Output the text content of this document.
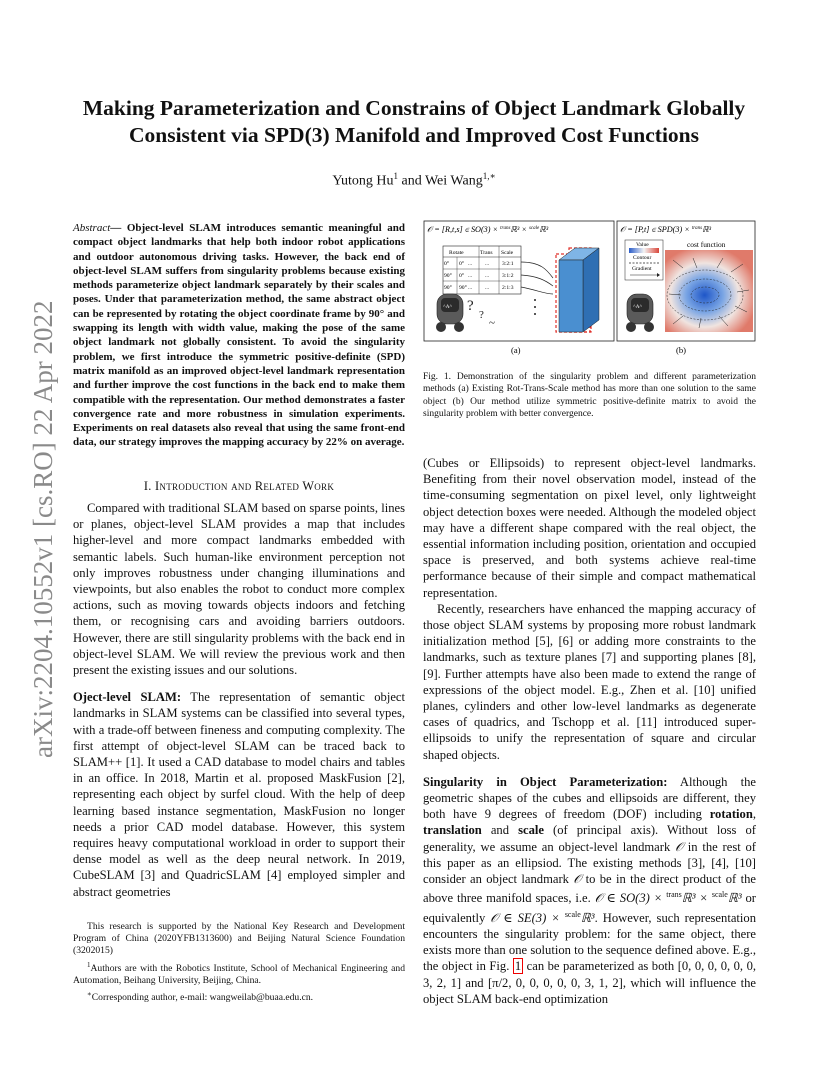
arXiv:2204.10552v1 [cs.RO] 22 Apr 2022
Making Parameterization and Constrains of Object Landmark Globally
Consistent via SPD(3) Manifold and Improved Cost Functions
Yutong Hu$^1$ and Wei Wang$^{1,∗}$

Abstract— Object-level SLAM introduces semantic meaningful and compact object landmarks that help both indoor robot applications and outdoor autonomous driving tasks. However, the back end of object-level SLAM suffers from singularity problems because existing methods parameterize object landmark separately by their scales and poses. Under that parameterization method, the same abstract object can be represented by rotating the object coordinate frame by 90° and swapping its length with width value, making the pose of the same object landmark not globally consistent. To avoid the singularity problem, we first introduce the symmetric positive-definite (SPD) matrix manifold as an improved object-level landmark representation and further improve the cost functions in the back end to make them compatible with the representation. Our method demonstrates a faster convergence rate and more robustness in simulation experiments. Experiments on real datasets also reveal that using the same front-end data, our strategy improves the mapping accuracy by 22% on average.

I. Introduction and Related Work

Compared with traditional SLAM based on sparse points, lines or planes, object-level SLAM provides a map that includes higher-level and more compact landmarks embedded with semantic labels. Such human-like environment perception not only improves robustness under changing illuminations and viewpoints, but also enables the robot to conduct more complex actions, such as moving towards objects indoors and fetching them, or recognising cars and avoiding barriers outdoors. However, there are still singularity problems with the back end in object-level SLAM. We will review the previous work and then present the existing issues and our solutions.

Oject-level SLAM: The representation of semantic object landmarks in SLAM systems can be classified into several types, with a trade-off between fineness and computing complexity. The first attempt of object-level SLAM can be traced back to SLAM++ [1]. It used a CAD database to model chairs and tables in an office. In 2018, Martin et al. proposed MaskFusion [2], representing each object by surfel cloud. With the help of deep learning based instance segmentation, MaskFusion no longer needs a prior CAD model database. However, this system requires heavy computational workload in order to support their dense model as well as the deep neural network. In 2019, CubeSLAM [3] and QuadricSLAM [4] employed simpler and abstract geometries

This research is supported by the National Key Research and Development Program of China (2020YFB1313600) and Beijing Natural Science Foundation (3202015)

$^1$Authors are with the Robotics Institute, School of Mechanical Engineering and Automation, Beihang University, Beijing, China.

∗Corresponding author, e-mail: wangweilab@buaa.edu.cn.

𝒪 = [R,t,s] ∈ SO(3) × $^{trans}$ℝ³ × $^{scale}$ℝ³	𝒪 = [P,t] ∈ SPD(3) × $^{trans}$ℝ³
Rotate	Trans Scale
0° 0° ... ... 3:2:1
90° 0° ... ... 3:1:2
90° 90° ... ... 2:1:3
^A^ ?
?
~
Value
Contour
Gradient
cost function
^A^
(a)	(b)
Fig. 1. Demonstration of the singularity problem and different parameterization methods (a) Existing Rot-Trans-Scale method has more than one solution to the same object (b) Our method utilize symmetric positive-definite matrix to avoid the singularity problem with better convergence.

(Cubes or Ellipsoids) to represent object-level landmarks. Benefiting from their novel observation model, instead of the time-consuming segmentation on pixel level, only lightweight object detection boxes were needed. Although the modeled object may have a different shape compared with the real object, the essential information including position, orientation and occupied space is preserved, and both systems achieve real-time performance because of their simple and compact mathematical representation.

Recently, researchers have enhanced the mapping accuracy of those object SLAM systems by proposing more robust landmark initialization method [5], [6] or adding more constraints to the landmarks, such as texture planes [7] and supporting planes [8], [9]. Further attempts have also been made to extend the range of expressions of the object model. E.g., Zhen et al. [10] unified planes, cylinders and other low-level landmarks as degenerate cases of quadrics, and Tschopp et al. [11] introduced super-ellipsoids to unify the representation of square and circular shaped objects.

Singularity in Object Parameterization: Although the geometric shapes of the cubes and ellipsoids are different, they both have 9 degrees of freedom (DOF) including rotation, translation and scale (of principal axis). Without loss of generality, we assume an object-level landmark 𝒪 in the rest of this paper as an ellipsiod. The existing methods [3], [4], [10] consider an object landmark 𝒪 to be in the direct product of the above three manifold spaces, i.e. 𝒪 ∈ SO(3) × $^{trans}$ℝ³ × $^{scale}$ℝ³ or equivalently 𝒪 ∈ SE(3) × $^{scale}$ℝ³. However, such representation encounters the singularity problem: for the same object, there exists more than one solution to the sequence defined above. E.g., the object in Fig. 1 can be parameterized as both [0, 0, 0, 0, 0, 0, 3, 2, 1] and [π/2, 0, 0, 0, 0, 0, 3, 1, 2], which will influence the object SLAM back-end optimization
